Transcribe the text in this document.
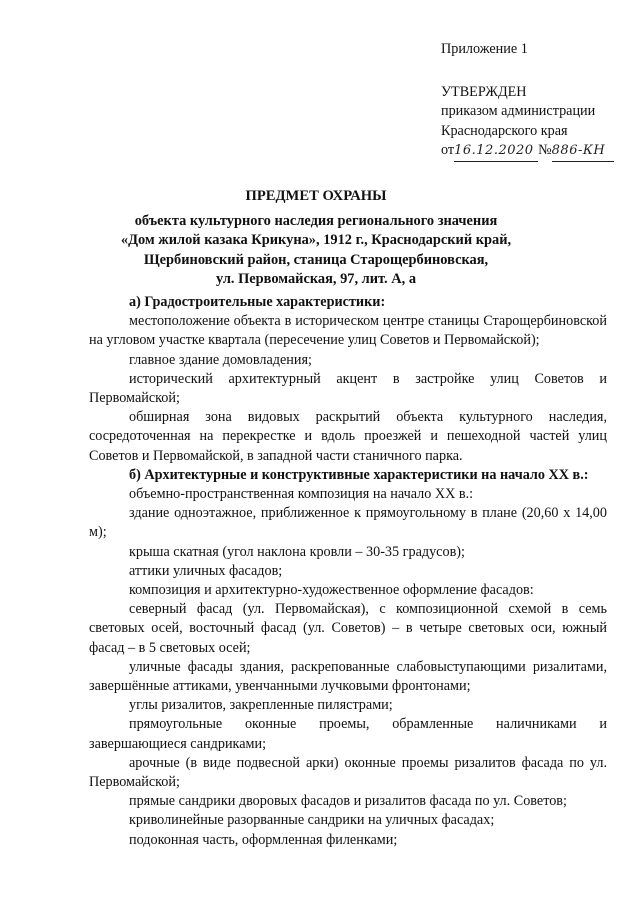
Приложение 1
УТВЕРЖДЕН
приказом администрации
Краснодарского края
от16.12.2020 №886-КН
ПРЕДМЕТ ОХРАНЫ
объекта культурного наследия регионального значения
«Дом жилой казака Крикуна», 1912 г., Краснодарский край,
Щербиновский район, станица Старощербиновская,
ул. Первомайская, 97, лит. А, а

а) Градостроительные характеристики:

местоположение объекта в историческом центре станицы Старощербиновской на угловом участке квартала (пересечение улиц Советов и Первомайской);

главное здание домовладения;

исторический архитектурный акцент в застройке улиц Советов и Первомайской;

обширная зона видовых раскрытий объекта культурного наследия, сосредоточенная на перекрестке и вдоль проезжей и пешеходной частей улиц Советов и Первомайской, в западной части станичного парка.

б) Архитектурные и конструктивные характеристики на начало XX в.:

объемно-пространственная композиция на начало XX в.:

здание одноэтажное, приближенное к прямоугольному в плане (20,60 х 14,00 м);

крыша скатная (угол наклона кровли – 30-35 градусов);

аттики уличных фасадов;

композиция и архитектурно-художественное оформление фасадов:

северный фасад (ул. Первомайская), с композиционной схемой в семь световых осей, восточный фасад (ул. Советов) – в четыре световых оси, южный фасад – в 5 световых осей;

уличные фасады здания, раскрепованные слабовыступающими ризалитами, завершённые аттиками, увенчанными лучковыми фронтонами;

углы ризалитов, закрепленные пилястрами;

прямоугольные оконные проемы, обрамленные наличниками и завершающиеся сандриками;

арочные (в виде подвесной арки) оконные проемы ризалитов фасада по ул. Первомайской;

прямые сандрики дворовых фасадов и ризалитов фасада по ул. Советов;

криволинейные разорванные сандрики на уличных фасадах;

подоконная часть, оформленная филенками;
